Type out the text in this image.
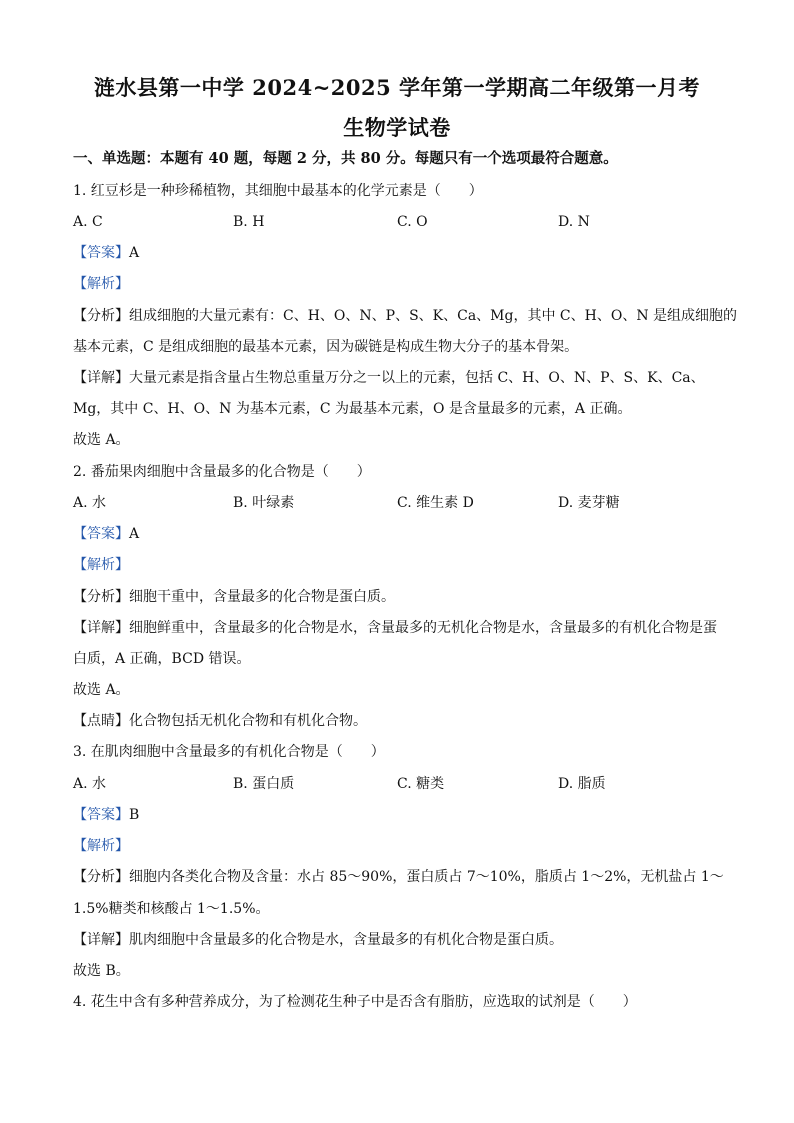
涟水县第一中学 2024~2025 学年第一学期高二年级第一月考
生物学试卷
一、单选题：本题有 40 题，每题 2 分，共 80 分。每题只有一个选项最符合题意。
1. 红豆杉是一种珍稀植物，其细胞中最基本的化学元素是（　　）
A. C	B. H	C. O	D. N
【答案】A
【解析】
【分析】组成细胞的大量元素有：C、H、O、N、P、S、K、Ca、Mg，其中 C、H、O、N 是组成细胞的
基本元素，C 是组成细胞的最基本元素，因为碳链是构成生物大分子的基本骨架。
【详解】大量元素是指含量占生物总重量万分之一以上的元素，包括 C、H、O、N、P、S、K、Ca、
Mg，其中 C、H、O、N 为基本元素，C 为最基本元素，O 是含量最多的元素，A 正确。
故选 A。
2. 番茄果肉细胞中含量最多的化合物是（　　）
A. 水	B. 叶绿素	C. 维生素 D	D. 麦芽糖
【答案】A
【解析】
【分析】细胞干重中，含量最多的化合物是蛋白质。
【详解】细胞鲜重中，含量最多的化合物是水，含量最多的无机化合物是水，含量最多的有机化合物是蛋
白质，A 正确，BCD 错误。
故选 A。
【点睛】化合物包括无机化合物和有机化合物。
3. 在肌肉细胞中含量最多的有机化合物是（　　）
A. 水	B. 蛋白质	C. 糖类	D. 脂质
【答案】B
【解析】
【分析】细胞内各类化合物及含量：水占 85～90%，蛋白质占 7～10%，脂质占 1～2%，无机盐占 1～
1.5%糖类和核酸占 1～1.5%。
【详解】肌肉细胞中含量最多的化合物是水，含量最多的有机化合物是蛋白质。
故选 B。
4. 花生中含有多种营养成分，为了检测花生种子中是否含有脂肪，应选取的试剂是（　　）
